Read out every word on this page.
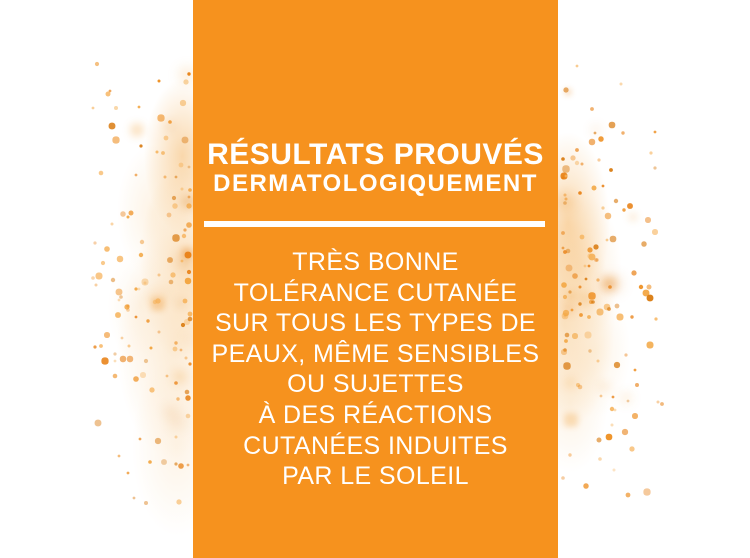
RÉSULTATS PROUVÉS
DERMATOLOGIQUEMENT
TRÈS BONNE
TOLÉRANCE CUTANÉE
SUR TOUS LES TYPES DE
PEAUX, MÊME SENSIBLES
OU SUJETTES
À DES RÉACTIONS
CUTANÉES INDUITES
PAR LE SOLEIL
